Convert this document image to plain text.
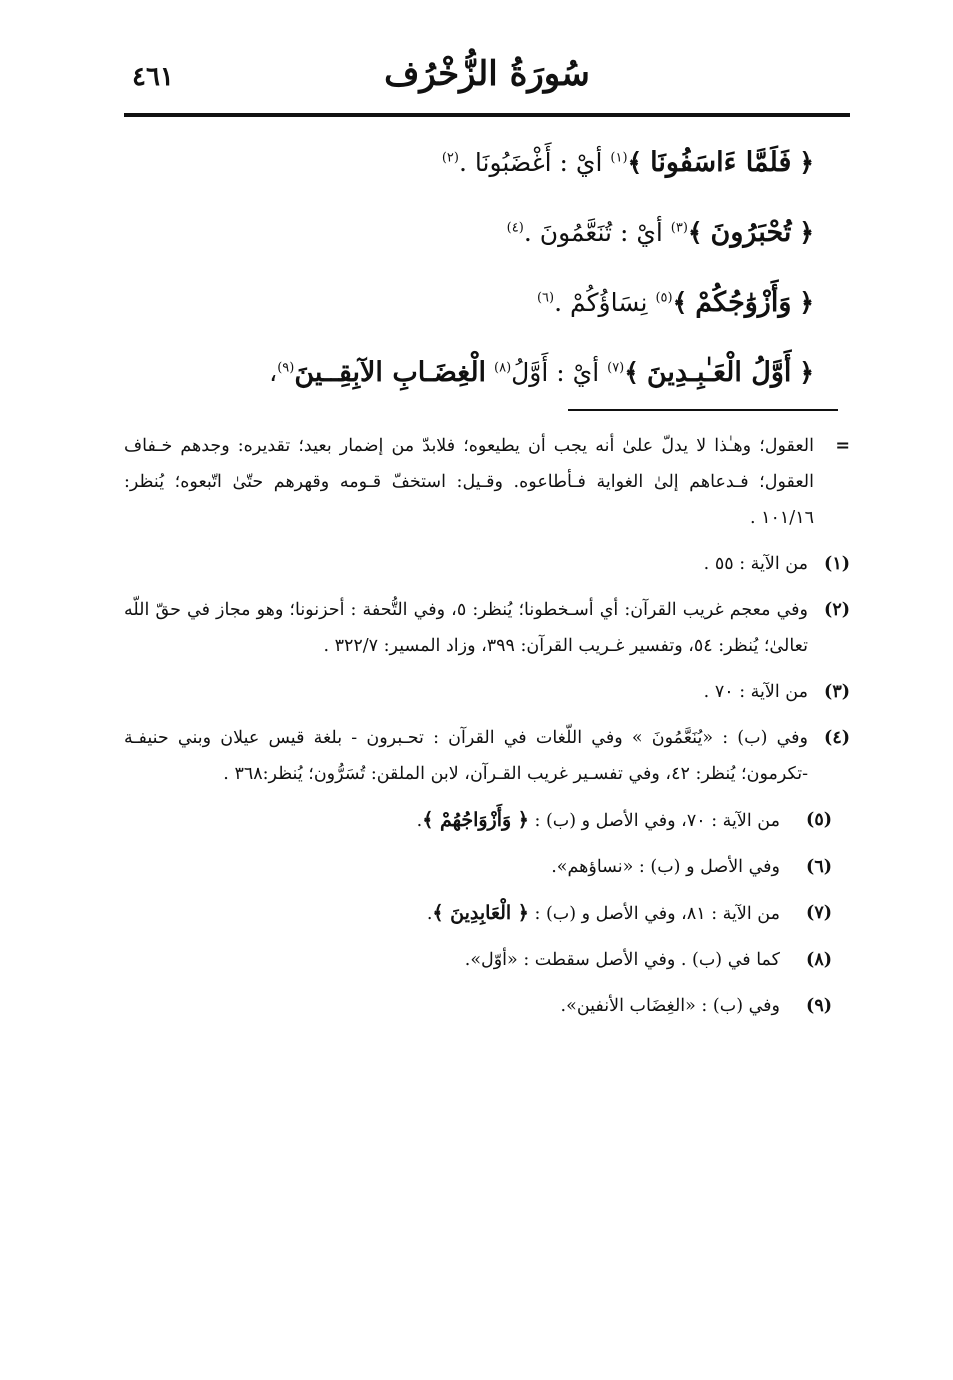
سُورَةُ الزُّخْرُف
٤٦١
﴿ فَلَمَّا ءَاسَفُونَا ﴾$^{(١)}$ أيْ : أَغْضَبُونَا .$^{(٢)}$
﴿ تُحْبَرُونَ ﴾$^{(٣)}$ أيْ : تُنَعَّمُونَ .$^{(٤)}$
﴿ وَأَزْوَٰجُكُمْ ﴾$^{(٥)}$ نِسَاؤُكُمْ .$^{(٦)}$
﴿ أَوَّلُ الْعَـٰبِـدِينَ ﴾$^{(٧)}$ أيْ : أَوَّلُ$^{(٨)}$ الْغِضَـابِ الآبِقِــينَ$^{(٩)}$،
=
العقول؛ وهـٰذا لا يدلّ علىٰ أنه يجب أن يطيعوه؛ فلابدّ من إضمار بعيد؛ تقديره: وجدهم خـفاف العقول؛ فـدعاهم إلىٰ الغواية فـأطاعوه. وقـيل: استخفّ قـومه وقهرهم حتّىٰ اتّبعوه؛ يُنظر: ١٠١/١٦ .
(١)
من الآية : ٥٥ .
(٢)
وفي معجم غريب القرآن: أي أسـخطونا؛ يُنظر: ٥، وفي التُّحفة : أحزنونا؛ وهو مجاز في حقّ اللّه تعالىٰ؛ يُنظر: ٥٤، وتفسير غـريب القرآن: ٣٩٩، وزاد المسير: ٣٢٢/٧ .
(٣)
من الآية : ٧٠ .
(٤)
وفي (ب) : «يُنَعَّمُونَ » وفي اللّغات في القرآن : تحـبرون - بلغة قيس عيلان وبني حنيفـة -تكرمون؛ يُنظر: ٤٢، وفي تفسـير غريب القـرآن، لابن الملقن: تُسَرُّون؛ يُنظر:٣٦٨ .
(٥)
من الآية : ٧٠، وفي الأصل و (ب) : ﴿ وَأَزْوَاجُهُمْ ﴾.
(٦)
وفي الأصل و (ب) : «نساؤهم».
(٧)
من الآية : ٨١، وفي الأصل و (ب) : ﴿ الْعَابِدِينَ ﴾.
(٨)
كما في (ب) . وفي الأصل سقطت : «أوّل».
(٩)
وفي (ب) : «الغِضَاب الأنفين».
